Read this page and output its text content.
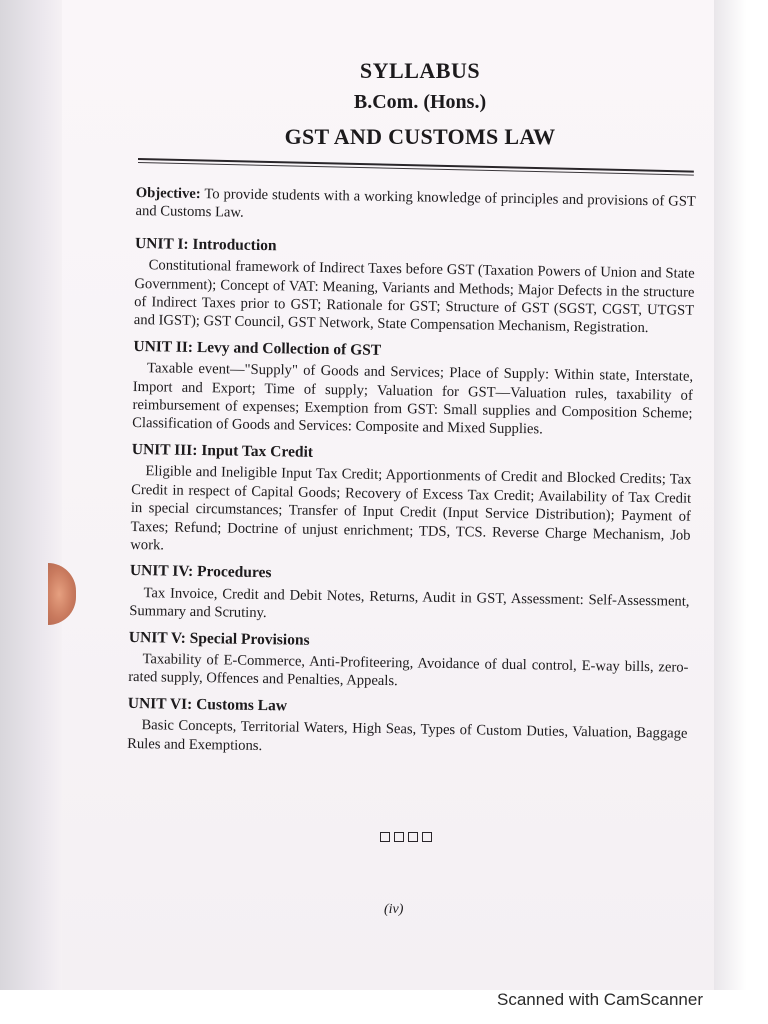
SYLLABUS
B.Com. (Hons.)
GST AND CUSTOMS LAW

Objective: To provide students with a working knowledge of principles and provisions of GST and Customs Law.

UNIT I: Introduction

Constitutional framework of Indirect Taxes before GST (Taxation Powers of Union and State Government); Concept of VAT: Meaning, Variants and Methods; Major Defects in the structure of Indirect Taxes prior to GST; Rationale for GST; Structure of GST (SGST, CGST, UTGST and IGST); GST Council, GST Network, State Compensation Mechanism, Registration.

UNIT II: Levy and Collection of GST

Taxable event—"Supply" of Goods and Services; Place of Supply: Within state, Interstate, Import and Export; Time of supply; Valuation for GST—Valuation rules, taxability of reimbursement of expenses; Exemption from GST: Small supplies and Composition Scheme; Classification of Goods and Services: Composite and Mixed Supplies.

UNIT III: Input Tax Credit

Eligible and Ineligible Input Tax Credit; Apportionments of Credit and Blocked Credits; Tax Credit in respect of Capital Goods; Recovery of Excess Tax Credit; Availability of Tax Credit in special circumstances; Transfer of Input Credit (Input Service Distribution); Payment of Taxes; Refund; Doctrine of unjust enrichment; TDS, TCS. Reverse Charge Mechanism, Job work.

UNIT IV: Procedures

Tax Invoice, Credit and Debit Notes, Returns, Audit in GST, Assessment: Self-Assessment, Summary and Scrutiny.

UNIT V: Special Provisions

Taxability of E-Commerce, Anti-Profiteering, Avoidance of dual control, E-way bills, zero-rated supply, Offences and Penalties, Appeals.

UNIT VI: Customs Law

Basic Concepts, Territorial Waters, High Seas, Types of Custom Duties, Valuation, Baggage Rules and Exemptions.

(iv)
Scanned with CamScanner
